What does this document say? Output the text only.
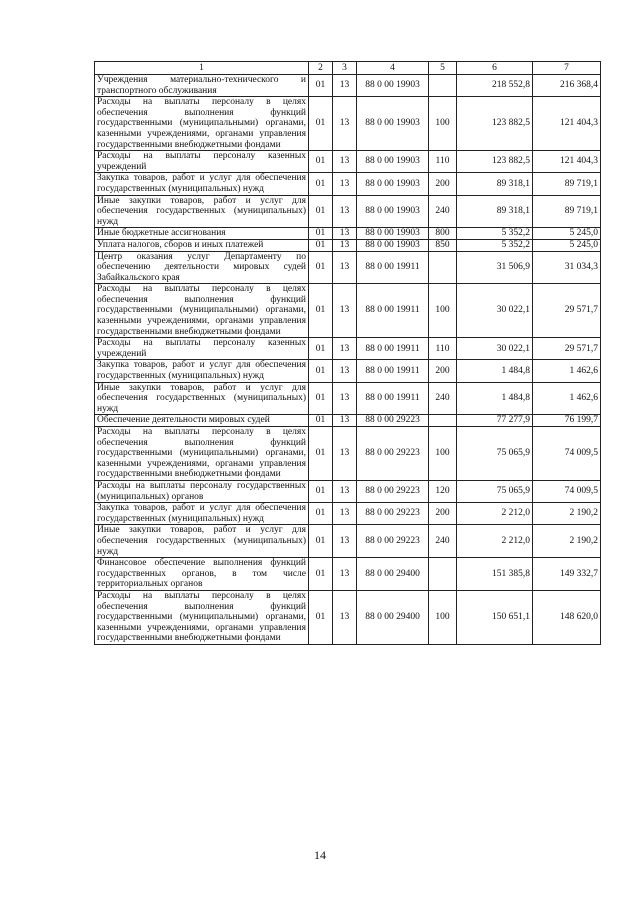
1	2	3	4	5	6	7
Учреждения материально-технического и транспортного обслуживания	01	13	88 0 00 19903		218 552,8	216 368,4
Расходы на выплаты персоналу в целях обеспечения выполнения функций государственными (муниципальными) органами, казенными учреждениями, органами управления государственными внебюджетными фондами	01	13	88 0 00 19903	100	123 882,5	121 404,3
Расходы на выплаты персоналу казенных учреждений	01	13	88 0 00 19903	110	123 882,5	121 404,3
Закупка товаров, работ и услуг для обеспечения государственных (муниципальных) нужд	01	13	88 0 00 19903	200	89 318,1	89 719,1
Иные закупки товаров, работ и услуг для обеспечения государственных (муниципальных) нужд	01	13	88 0 00 19903	240	89 318,1	89 719,1
Иные бюджетные ассигнования	01	13	88 0 00 19903	800	5 352,2	5 245,0
Уплата налогов, сборов и иных платежей	01	13	88 0 00 19903	850	5 352,2	5 245,0
Центр оказания услуг Департаменту по обеспечению деятельности мировых судей Забайкальского края	01	13	88 0 00 19911		31 506,9	31 034,3
Расходы на выплаты персоналу в целях обеспечения выполнения функций государственными (муниципальными) органами, казенными учреждениями, органами управления государственными внебюджетными фондами	01	13	88 0 00 19911	100	30 022,1	29 571,7
Расходы на выплаты персоналу казенных учреждений	01	13	88 0 00 19911	110	30 022,1	29 571,7
Закупка товаров, работ и услуг для обеспечения государственных (муниципальных) нужд	01	13	88 0 00 19911	200	1 484,8	1 462,6
Иные закупки товаров, работ и услуг для обеспечения государственных (муниципальных) нужд	01	13	88 0 00 19911	240	1 484,8	1 462,6
Обеспечение деятельности мировых судей	01	13	88 0 00 29223		77 277,9	76 199,7
Расходы на выплаты персоналу в целях обеспечения выполнения функций государственными (муниципальными) органами, казенными учреждениями, органами управления государственными внебюджетными фондами	01	13	88 0 00 29223	100	75 065,9	74 009,5
Расходы на выплаты персоналу государственных (муниципальных) органов	01	13	88 0 00 29223	120	75 065,9	74 009,5
Закупка товаров, работ и услуг для обеспечения государственных (муниципальных) нужд	01	13	88 0 00 29223	200	2 212,0	2 190,2
Иные закупки товаров, работ и услуг для обеспечения государственных (муниципальных) нужд	01	13	88 0 00 29223	240	2 212,0	2 190,2
Финансовое обеспечение выполнения функций государственных органов, в том числе территориальных органов	01	13	88 0 00 29400		151 385,8	149 332,7
Расходы на выплаты персоналу в целях обеспечения выполнения функций государственными (муниципальными) органами, казенными учреждениями, органами управления государственными внебюджетными фондами	01	13	88 0 00 29400	100	150 651,1	148 620,0
14
